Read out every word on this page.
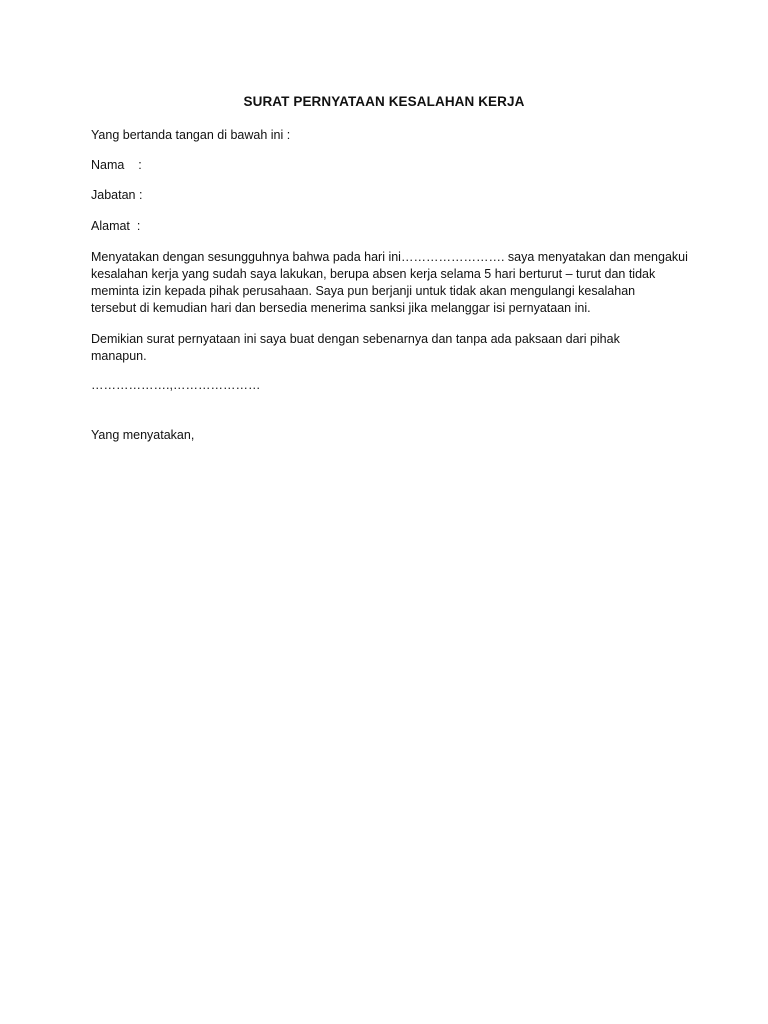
SURAT PERNYATAAN KESALAHAN KERJA
Yang bertanda tangan di bawah ini :
Nama    :
Jabatan :
Alamat  :

Menyatakan dengan sesungguhnya bahwa pada hari ini……………………. saya menyatakan dan mengakui

kesalahan kerja yang sudah saya lakukan, berupa absen kerja selama 5 hari berturut – turut dan tidak

meminta izin kepada pihak perusahaan. Saya pun berjanji untuk tidak akan mengulangi kesalahan

tersebut di kemudian hari dan bersedia menerima sanksi jika melanggar isi pernyataan ini.

Demikian surat pernyataan ini saya buat dengan sebenarnya dan tanpa ada paksaan dari pihak

manapun.

……………….,…………………
Yang menyatakan,
